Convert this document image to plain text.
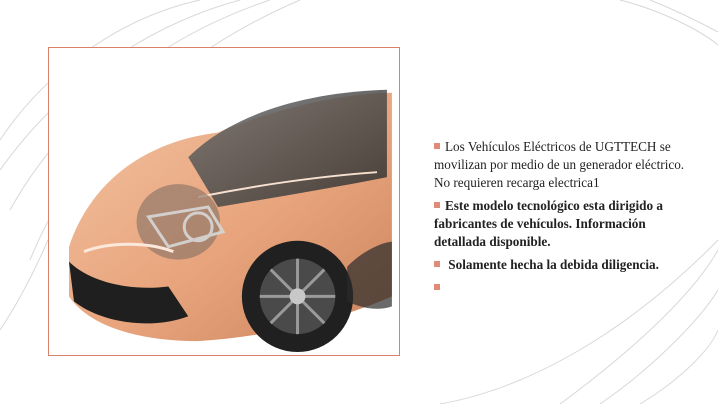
Los Vehículos Eléctricos de UGTTECH se movilizan por medio de un generador eléctrico. No requieren recarga electrica1
Este modelo tecnológico esta dirigido a fabricantes de vehículos. Información detallada disponible.
Solamente hecha la debida diligencia.
